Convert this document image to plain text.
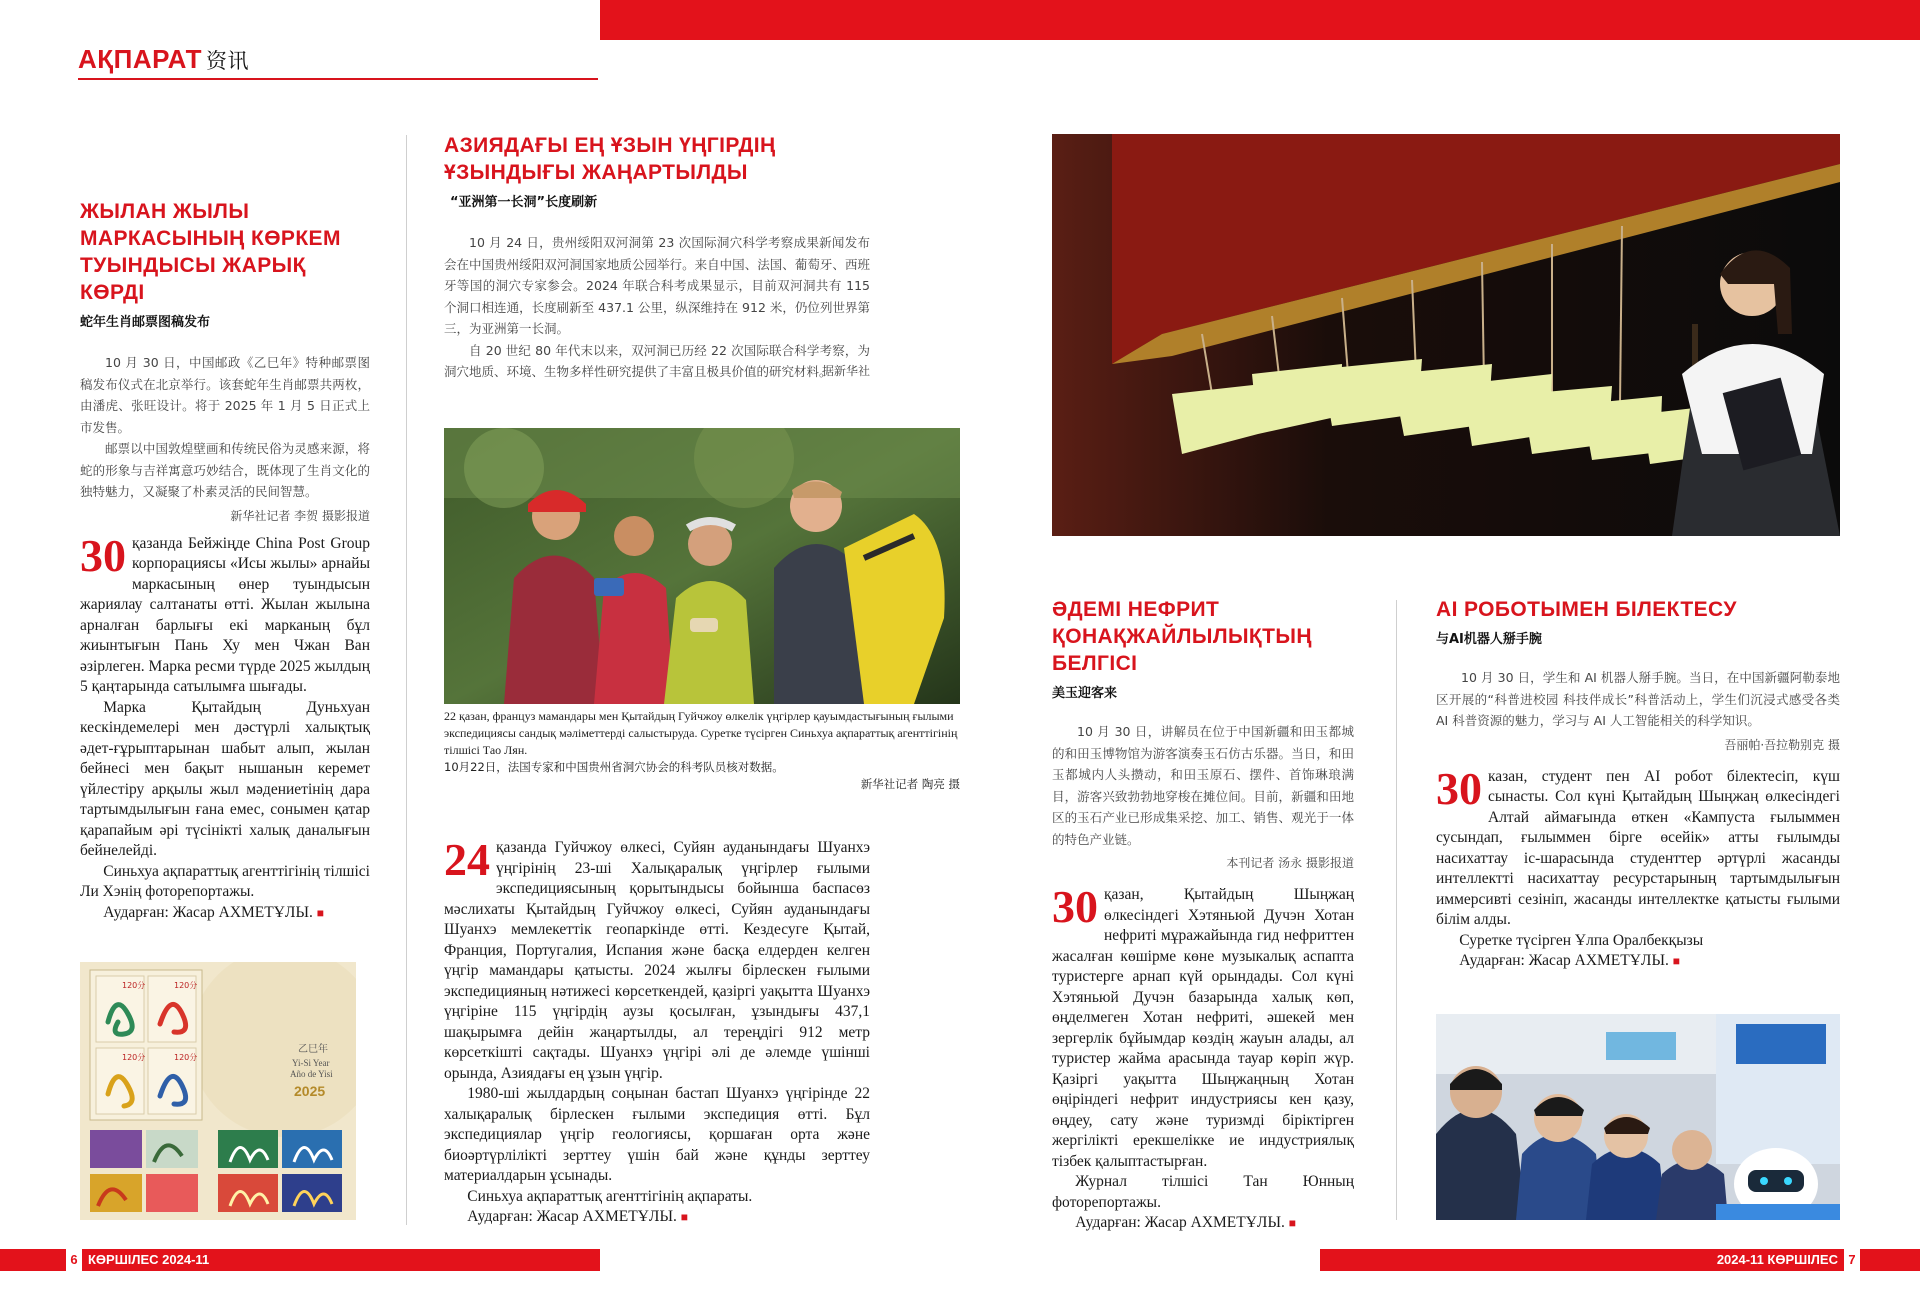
АҚПАРАТ 资讯
ЖЫЛАН ЖЫЛЫ МАРКАСЫНЫҢ КӨРКЕМ ТУЫНДЫСЫ ЖАРЫҚ КӨРДІ
蛇年生肖邮票图稿发布

10 月 30 日，中国邮政《乙巳年》特种邮票图稿发布仪式在北京举行。该套蛇年生肖邮票共两枚，由潘虎、张旺设计。将于 2025 年 1 月 5 日正式上市发售。

邮票以中国敦煌壁画和传统民俗为灵感来源，将蛇的形象与吉祥寓意巧妙结合，既体现了生肖文化的独特魅力，又凝聚了朴素灵活的民间智慧。

新华社记者 李贺 摄影报道

30 қазанда Бейжіңде China Post Group корпорациясы «Исы жылы» арнайы маркасының өнер туындысын жариялау салтанаты өтті. Жылан жылына арналған барлығы екі марканың бұл жиынтығын Пань Ху мен Чжан Ван әзірлеген. Марка ресми түрде 2025 жылдың 5 қаңтарында сатылымға шығады.

Марка Қытайдың Дуньхуан кескіндемелері мен дәстүрлі халықтық әдет-ғұрыптарынан шабыт алып, жылан бейнесі мен бақыт нышанын керемет үйлестіру арқылы жыл мәдениетінің дара тартымдылығын ғана емес, сонымен қатар қарапайым әрі түсінікті халық даналығын бейнелейді.

Синьхуа ақпараттық агенттігінің тілшісі Ли Хэнің фоторепортажы.

Аударған: Жасар АХМЕТҰЛЫ. ■

120分	120分
120分	120分
乙巳年
Yi-Si Year
Año de Yisi
2025
АЗИЯДАҒЫ ЕҢ ҰЗЫН ҮҢГІРДІҢ ҰЗЫНДЫҒЫ ЖАҢАРТЫЛДЫ
“亚洲第一长洞”长度刷新

10 月 24 日，贵州绥阳双河洞第 23 次国际洞穴科学考察成果新闻发布会在中国贵州绥阳双河洞国家地质公园举行。来自中国、法国、葡萄牙、西班牙等国的洞穴专家参会。2024 年联合科考成果显示，目前双河洞共有 115 个洞口相连通，长度刷新至 437.1 公里，纵深维持在 912 米，仍位列世界第三，为亚洲第一长洞。

自 20 世纪 80 年代末以来，双河洞已历经 22 次国际联合科学考察，为洞穴地质、环境、生物多样性研究提供了丰富且极具价值的研究材料。

据新华社

22 қазан, француз мамандары мен Қытайдың Гуйчжоу өлкелік үңгірлер қауымдастығының ғылыми экспедициясы сандық мәліметтерді салыстыруда. Суретке түсірген Синьхуа ақпараттық агенттігінің тілшісі Тао Лян.

10月22日，法国专家和中国贵州省洞穴协会的科考队员核对数据。

新华社记者 陶亮 摄

24 қазанда Гуйчжоу өлкесі, Суйян ауданындағы Шуанхэ үңгірінің 23-ші Халықаралық үңгірлер ғылыми экспедициясының қорытындысы бойынша баспасөз мәслихаты Қытайдың Гуйчжоу өлкесі, Суйян ауданындағы Шуанхэ мемлекеттік геопаркінде өтті. Кездесуге Қытай, Франция, Португалия, Испания және басқа елдерден келген үңгір мамандары қатысты. 2024 жылғы бірлескен ғылыми экспедицияның нәтижесі көрсеткендей, қазіргі уақытта Шуанхэ үңгіріне 115 үңгірдің аузы қосылған, ұзындығы 437,1 шақырымға дейін жаңартылды, ал тереңдігі 912 метр көрсеткішті сақтады. Шуанхэ үңгірі әлі де әлемде үшінші орында, Азиядағы ең ұзын үңгір.

1980-ші жылдардың соңынан бастап Шуанхэ үңгірінде 22 халықаралық бірлескен ғылыми экспедиция өтті. Бұл экспедициялар үңгір геологиясы, қоршаған орта және биоәртүрлілікті зерттеу үшін бай және құнды зерттеу материалдарын ұсынады.

Синьхуа ақпараттық агенттігінің ақпараты.

Аударған: Жасар АХМЕТҰЛЫ. ■

ӘДЕМІ НЕФРИТ ҚОНАҚЖАЙЛЫЛЫҚТЫҢ БЕЛГІСІ
美玉迎客来

10 月 30 日，讲解员在位于中国新疆和田玉都城的和田玉博物馆为游客演奏玉石仿古乐器。当日，和田玉都城内人头攒动，和田玉原石、摆件、首饰琳琅满目，游客兴致勃勃地穿梭在摊位间。目前，新疆和田地区的玉石产业已形成集采挖、加工、销售、观光于一体的特色产业链。

本刊记者 汤永 摄影报道

30 қазан, Қытайдың Шыңжаң өлкесіндегі Хэтяньюй Дучэн Хотан нефриті мұражайында гид нефриттен жасалған көшірме көне музыкалық аспапта туристерге арнап күй орындады. Сол күні Хэтяньюй Дучэн базарында халық көп, өңделмеген Хотан нефриті, әшекей мен зергерлік бұйымдар көздің жауын алады, ал туристер жайма арасында тауар көріп жүр. Қазіргі уақытта Шыңжаңның Хотан өңіріндегі нефрит индустриясы кен қазу, өңдеу, сату және туризмді біріктірген жергілікті ерекшелікке ие индустриялық тізбек қалыптастырған.

Журнал тілшісі Тан Юнның фоторепортажы.

Аударған: Жасар АХМЕТҰЛЫ. ■

AI РОБОТЫМЕН БІЛЕКТЕСУ
与AI机器人掰手腕

10 月 30 日，学生和 AI 机器人掰手腕。当日，在中国新疆阿勒泰地区开展的“科普进校园 科技伴成长”科普活动上，学生们沉浸式感受各类 AI 科普资源的魅力，学习与 AI 人工智能相关的科学知识。

吾丽帕·吾拉勒别克 摄

30 казан, студент пен AI робот білектесіп, күш сынасты. Сол күні Қытайдың Шыңжаң өлкесіндегі Алтай аймағында өткен «Кампуста ғылыммен сусындап, ғылыммен бірге өсейік» атты ғылымды насихаттау іс-шарасында студенттер әртүрлі жасанды интеллектті насихаттау ресурстарының тартымдылығын иммерсивті сезініп, жасанды интеллектке қатысты ғылыми білім алды.

Суретке түсірген Ұлпа Оралбекқызы

Аударған: Жасар АХМЕТҰЛЫ. ■

6 КӨРШІЛЕС 2024-11	2024-11 КӨРШІЛЕС 7
